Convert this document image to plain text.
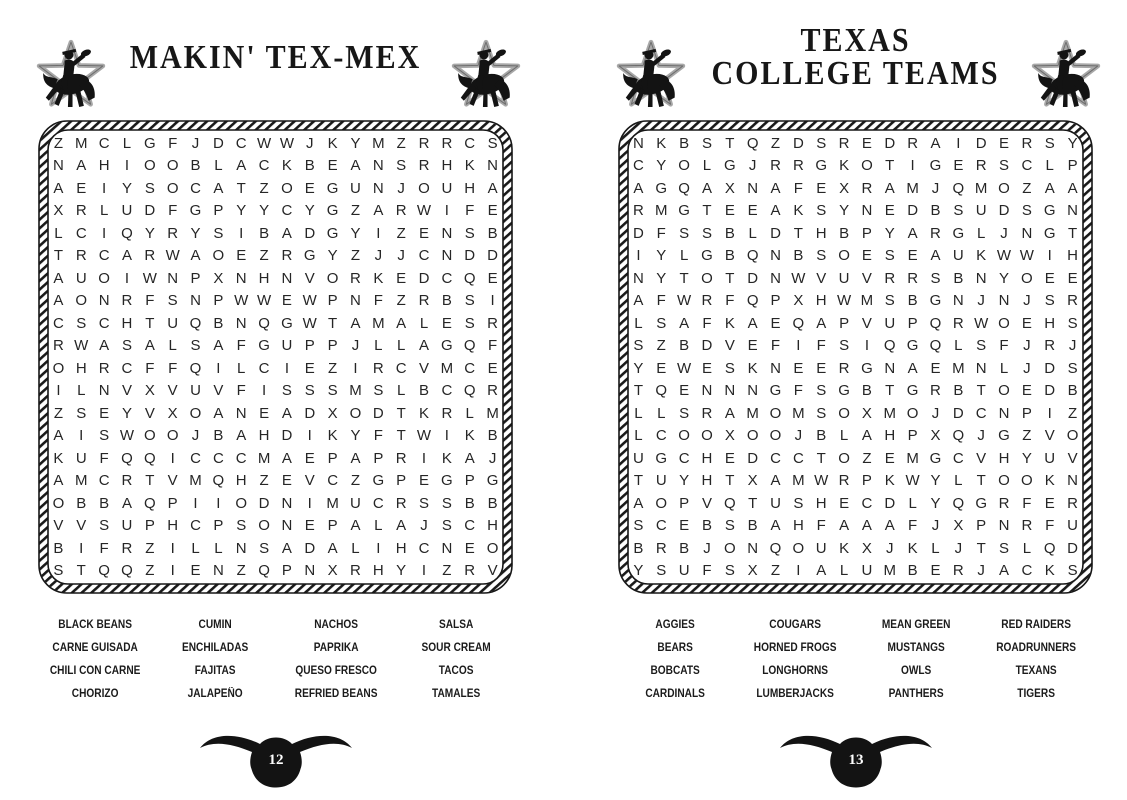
MAKIN' TEX-MEX
Z M C L G F J D C W W J K Y M Z R R C S
N A H	I O O B L A C K B E A N S R H K N
A E	I	Y S O C A T Z O E G U N J O U H A
X R L U D F G P Y Y C Y G Z A R W I	F E
L C	I Q Y R Y S	I	B A D G Y	I	Z E N S B
T R C A R W A O E Z R G Y Z J	J C N D D
A U O I W N P X N H N V O R K E D C Q E
A O N R F S N P W W E W P N F Z R B S	I
C S C H T U Q B N Q G W T A M A L E S R
R W A S A L S A F G U P P J L L A G Q F
O H R C F F Q I	L C	I	E Z	I	R C V M C E
I	L N V X V U V F	I	S S S M S L B C Q R
Z S E Y V X O A N E A D X O D T K R L M
A	I	S W O O J B A H D	I	K Y F T W I	K B
K U F Q Q I	C C C M A E P A P R	I	K A J
A M C R T V M Q H Z E V C Z G P E G P G
O B B A Q P	I	I O D N	I M U C R S S B B
V V S U P H C P S O N E P A L A J S C H
B	I	F R Z	I	L L N S A D A L	I	H C N E O
S T Q Q Z	I	E N Z Q P N X R H Y	I	Z R V
BLACK BEANS
CARNE GUISADA
CHILI CON CARNE
CHORIZO
CUMIN
ENCHILADAS
FAJITAS
JALAPEÑO
NACHOS
PAPRIKA
QUESO FRESCO
REFRIED BEANS
SALSA
SOUR CREAM
TACOS
TAMALES
12
TEXAS
COLLEGE TEAMS
N K B S T Q Z D S R E D R A	I	D E R S Y
C Y O L G J R R G K O T	I G E R S C L P
A G Q A X N A F E X R A M J Q M O Z A A
R M G T E E A K S Y N E D B S U D S G N
D F S S B L D T H B P Y A R G L J N G T
I	Y L G B Q N B S O E S E A U K W W I	H
N Y T O T D N W V U V R R S B N Y O E E
A F W R F Q P X H W M S B G N J N J S R
L S A F K A E Q A P V U P Q R W O E H S
S Z B D V E F	I	F S	I Q G Q L S F J R J
Y E W E S K N E E R G N A E M N L J D S
T Q E N N N G F S G B T G R B T O E D B
L L S R A M O M S O X M O J D C N P	I	Z
L C O O X O O J B L A H P X Q J G Z V O
U G C H E D C C T O Z E M G C V H Y U V
T U Y H T X A M W R P K W Y L T O O K N
A O P V Q T U S H E C D L Y Q G R F E R
S C E B S B A H F A A A F J X P N R F U
B R B J O N Q O U K X J K L J T S L Q D
Y S U F S X Z	I	A L U M B E R J A C K S
AGGIES
BEARS
BOBCATS
CARDINALS
COUGARS
HORNED FROGS
LONGHORNS
LUMBERJACKS
MEAN GREEN
MUSTANGS
OWLS
PANTHERS
RED RAIDERS
ROADRUNNERS
TEXANS
TIGERS
13
